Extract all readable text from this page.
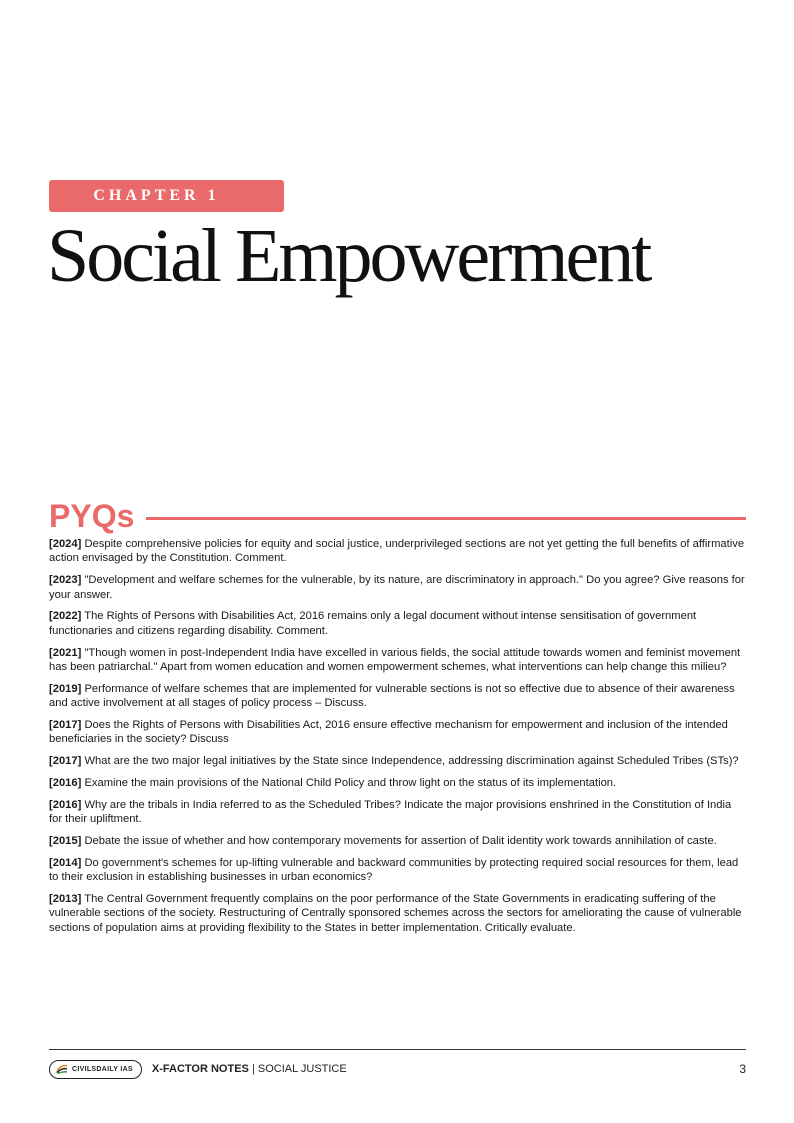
CHAPTER 1
Social Empowerment
PYQs

[2024] Despite comprehensive policies for equity and social justice, underprivileged sections are not yet getting the full benefits of affirmative action envisaged by the Constitution. Comment.

[2023] "Development and welfare schemes for the vulnerable, by its nature, are discriminatory in approach." Do you agree? Give reasons for your answer.

[2022] The Rights of Persons with Disabilities Act, 2016 remains only a legal document without intense sensitisation of government functionaries and citizens regarding disability. Comment.

[2021] "Though women in post-Independent India have excelled in various fields, the social attitude towards women and feminist movement has been patriarchal." Apart from women education and women empowerment schemes, what interventions can help change this milieu?

[2019] Performance of welfare schemes that are implemented for vulnerable sections is not so effective due to absence of their awareness and active involvement at all stages of policy process – Discuss.

[2017] Does the Rights of Persons with Disabilities Act, 2016 ensure effective mechanism for empowerment and inclusion of the intended beneficiaries in the society? Discuss

[2017] What are the two major legal initiatives by the State since Independence, addressing discrimination against Scheduled Tribes (STs)?

[2016] Examine the main provisions of the National Child Policy and throw light on the status of its implementation.

[2016] Why are the tribals in India referred to as the Scheduled Tribes? Indicate the major provisions enshrined in the Constitution of India for their upliftment.

[2015] Debate the issue of whether and how contemporary movements for assertion of Dalit identity work towards annihilation of caste.

[2014] Do government's schemes for up-lifting vulnerable and backward communities by protecting required social resources for them, lead to their exclusion in establishing businesses in urban economics?

[2013] The Central Government frequently complains on the poor performance of the State Governments in eradicating suffering of the vulnerable sections of the society. Restructuring of Centrally sponsored schemes across the sectors for ameliorating the cause of vulnerable sections of population aims at providing flexibility to the States in better implementation. Critically evaluate.

CIVILSDAILY IAS X-FACTOR NOTES | SOCIAL JUSTICE	3
